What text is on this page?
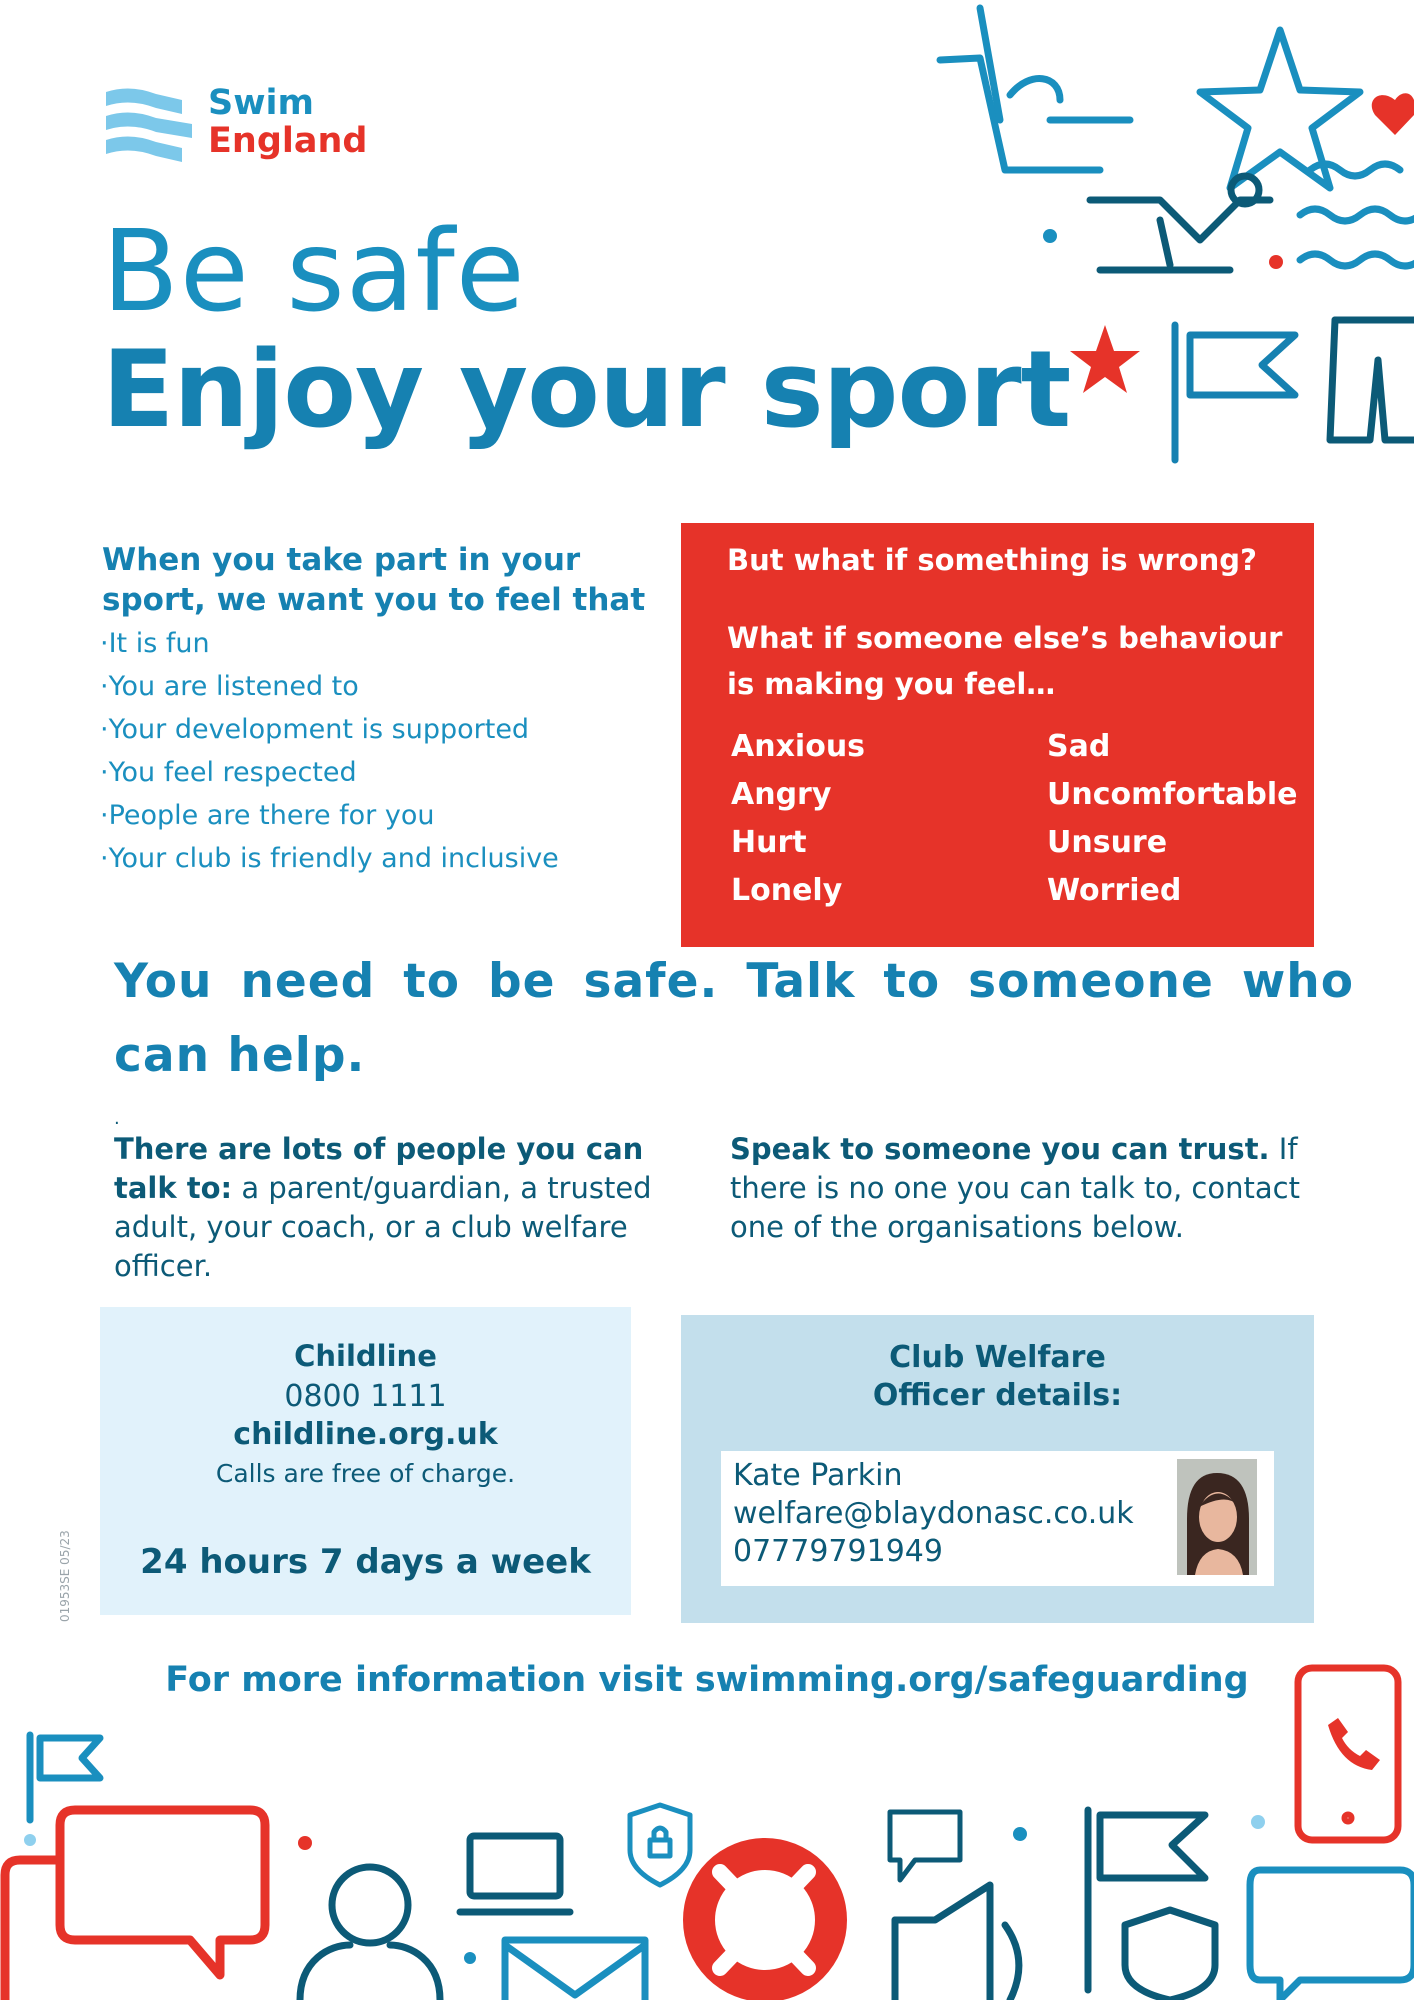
Swim
England
Be safe
Enjoy your sport
When you take part in your sport, we want you to feel that
· It is fun
· You are listened to
· Your development is supported
· You feel respected
· People are there for you
· Your club is friendly and inclusive
But what if something is wrong?
What if someone else’s behaviour is making you feel…
Anxious	Sad
Angry	Uncomfortable
Hurt	Unsure
Lonely	Worried
You need to be safe. Talk to someone who can help.
.
There are lots of people you can talk to: a parent/guardian, a trusted adult, your coach, or a club welfare officer.
Speak to someone you can trust. If there is no one you can talk to, contact one of the organisations below.
Childline
0800 1111
childline.org.uk
Calls are free of charge.
24 hours 7 days a week
01953SE 05/23
Club Welfare
Officer details:
Kate Parkin
welfare@blaydonasc.co.uk
07779791949
For more information visit swimming.org/safeguarding
